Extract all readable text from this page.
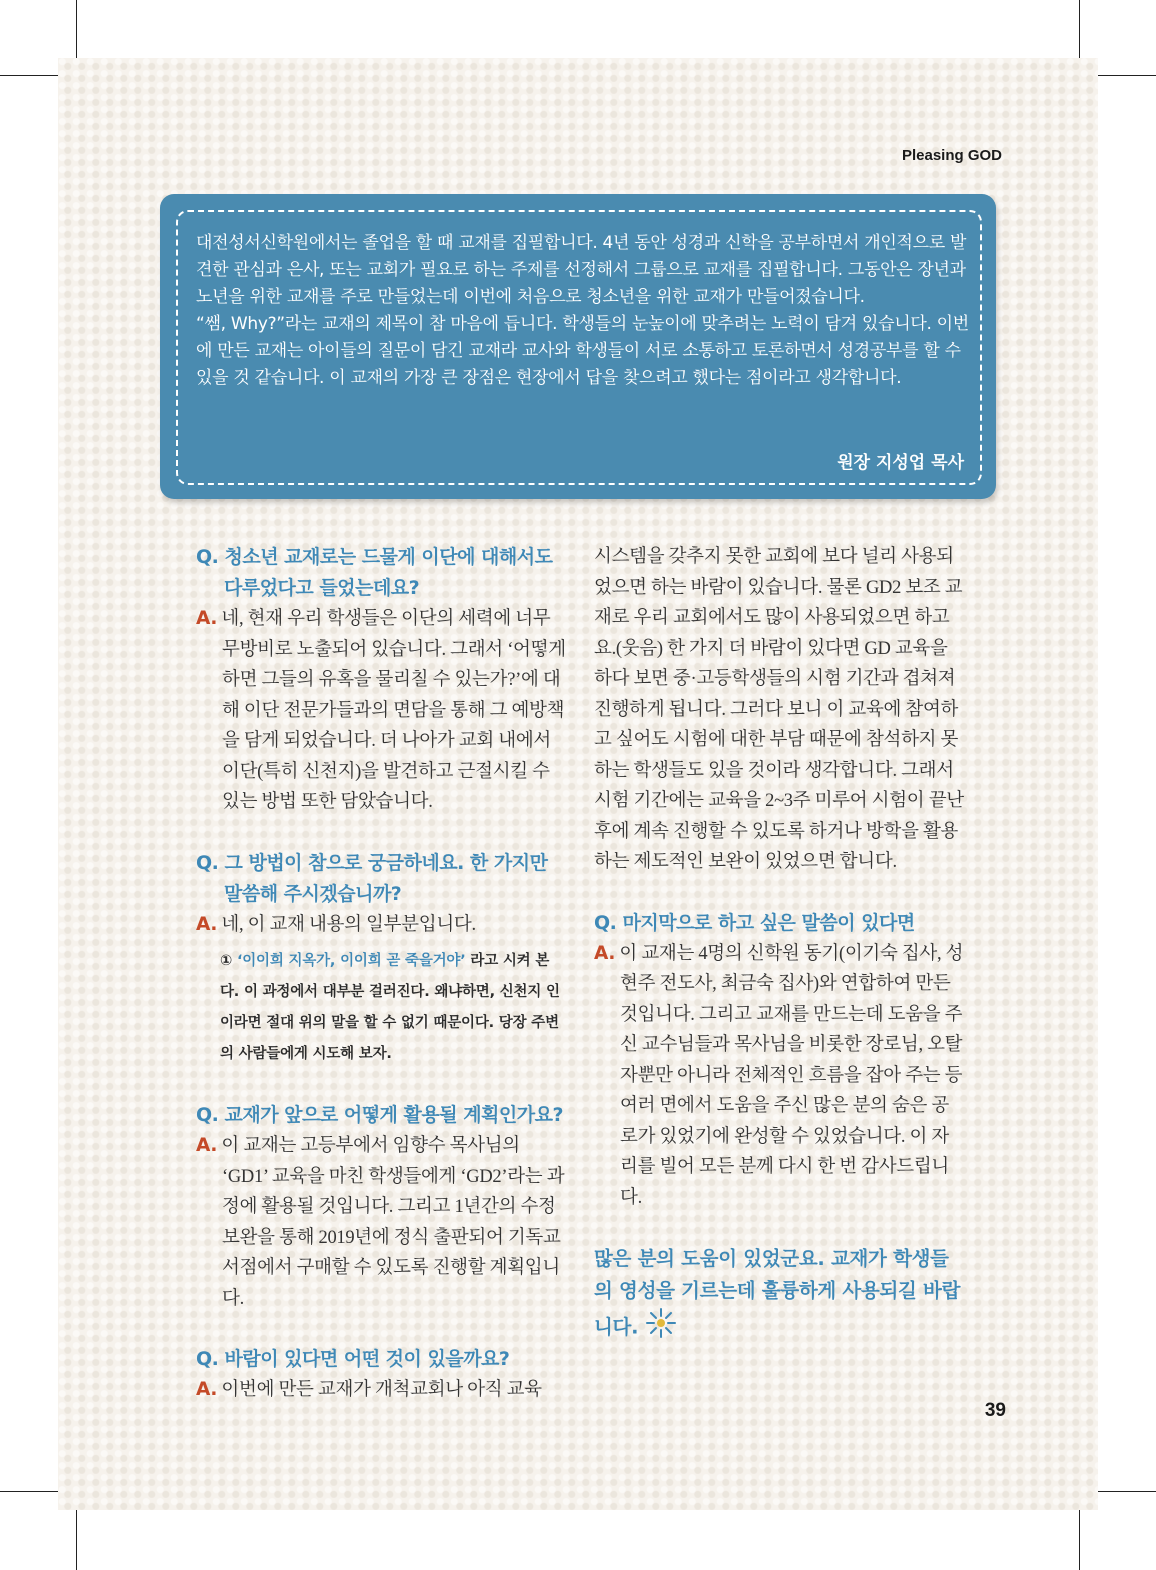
Pleasing GOD

대전성서신학원에서는 졸업을 할 때 교재를 집필합니다. 4년 동안 성경과 신학을 공부하면서 개인적으로 발견한 관심과 은사, 또는 교회가 필요로 하는 주제를 선정해서 그룹으로 교재를 집필합니다. 그동안은 장년과 노년을 위한 교재를 주로 만들었는데 이번에 처음으로 청소년을 위한 교재가 만들어졌습니다.

“쌤, Why?”라는 교재의 제목이 참 마음에 듭니다. 학생들의 눈높이에 맞추려는 노력이 담겨 있습니다. 이번에 만든 교재는 아이들의 질문이 담긴 교재라 교사와 학생들이 서로 소통하고 토론하면서 성경공부를 할 수 있을 것 같습니다. 이 교재의 가장 큰 장점은 현장에서 답을 찾으려고 했다는 점이라고 생각합니다.

원장 지성업 목사

Q. 청소년 교재로는 드물게 이단에 대해서도 다루었다고 들었는데요?

A. 네, 현재 우리 학생들은 이단의 세력에 너무 무방비로 노출되어 있습니다. 그래서 ‘어떻게 하면 그들의 유혹을 물리칠 수 있는가?’에 대해 이단 전문가들과의 면담을 통해 그 예방책을 담게 되었습니다. 더 나아가 교회 내에서 이단(특히 신천지)을 발견하고 근절시킬 수 있는 방법 또한 담았습니다.

Q. 그 방법이 참으로 궁금하네요. 한 가지만 말씀해 주시겠습니까?

A. 네, 이 교재 내용의 일부분입니다.

① ‘이이희 지옥가, 이이희 곧 죽을거야’ 라고 시켜 본다. 이 과정에서 대부분 걸러진다. 왜냐하면, 신천지 인이라면 절대 위의 말을 할 수 없기 때문이다. 당장 주변의 사람들에게 시도해 보자.

Q. 교재가 앞으로 어떻게 활용될 계획인가요?

A. 이 교재는 고등부에서 임향수 목사님의 ‘GD1’ 교육을 마친 학생들에게 ‘GD2’라는 과정에 활용될 것입니다. 그리고 1년간의 수정 보완을 통해 2019년에 정식 출판되어 기독교 서점에서 구매할 수 있도록 진행할 계획입니다.

Q. 바람이 있다면 어떤 것이 있을까요?

A. 이번에 만든 교재가 개척교회나 아직 교육

시스템을 갖추지 못한 교회에 보다 널리 사용되었으면 하는 바람이 있습니다. 물론 GD2 보조 교재로 우리 교회에서도 많이 사용되었으면 하고요.(웃음) 한 가지 더 바람이 있다면 GD 교육을 하다 보면 중·고등학생들의 시험 기간과 겹쳐져 진행하게 됩니다. 그러다 보니 이 교육에 참여하고 싶어도 시험에 대한 부담 때문에 참석하지 못하는 학생들도 있을 것이라 생각합니다. 그래서 시험 기간에는 교육을 2~3주 미루어 시험이 끝난 후에 계속 진행할 수 있도록 하거나 방학을 활용하는 제도적인 보완이 있었으면 합니다.

Q. 마지막으로 하고 싶은 말씀이 있다면

A. 이 교재는 4명의 신학원 동기(이기숙 집사, 성현주 전도사, 최금숙 집사)와 연합하여 만든 것입니다. 그리고 교재를 만드는데 도움을 주신 교수님들과 목사님을 비롯한 장로님, 오탈자뿐만 아니라 전체적인 흐름을 잡아 주는 등 여러 면에서 도움을 주신 많은 분의 숨은 공로가 있었기에 완성할 수 있었습니다. 이 자리를 빌어 모든 분께 다시 한 번 감사드립니다.

많은 분의 도움이 있었군요. 교재가 학생들의 영성을 기르는데 훌륭하게 사용되길 바랍니다.

39
